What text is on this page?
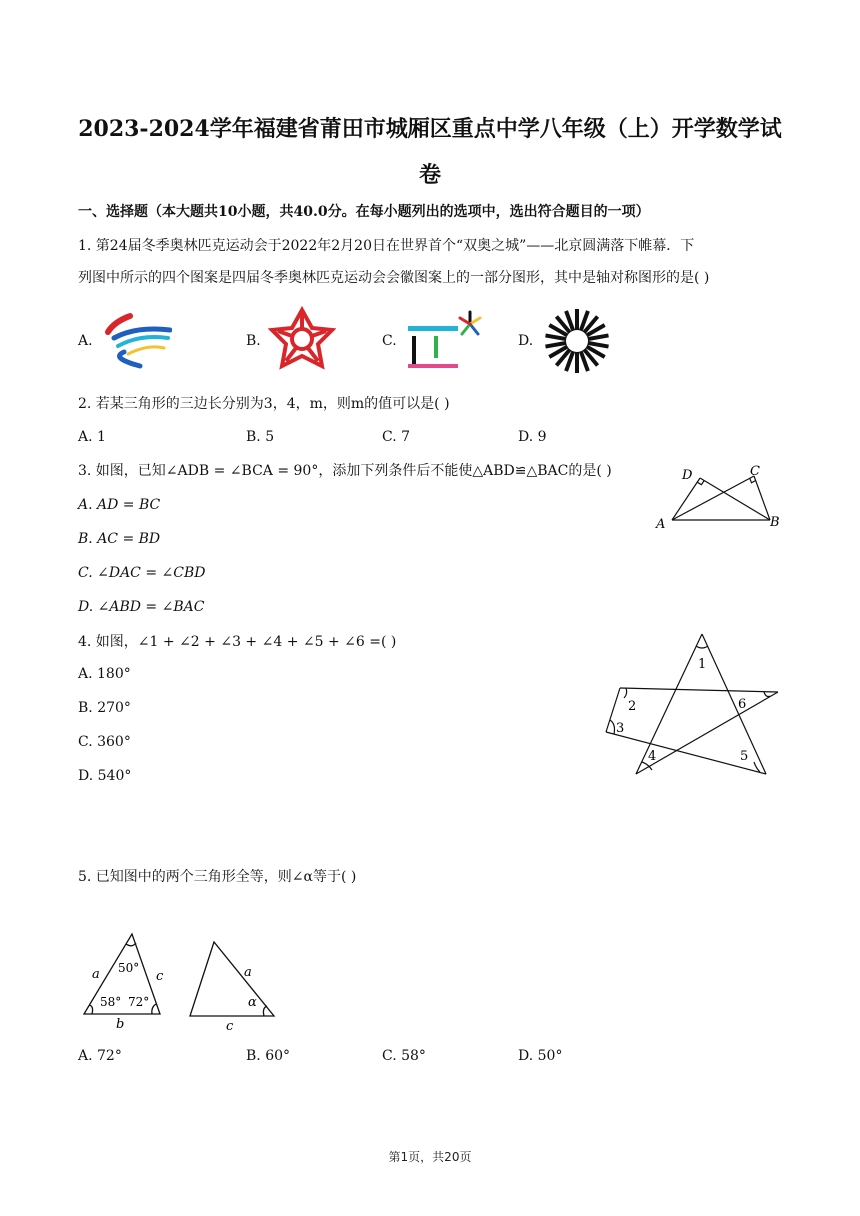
2023-2024学年福建省莆田市城厢区重点中学八年级（上）开学数学试
卷
一、选择题（本大题共10小题，共40.0分。在每小题列出的选项中，选出符合题目的一项）
1. 第24届冬季奥林匹克运动会于2022年2月20日在世界首个“双奥之城”——北京圆满落下帷幕．下
列图中所示的四个图案是四届冬季奥林匹克运动会会徽图案上的一部分图形，其中是轴对称图形的是( )
A.	B.	C.	D.
2. 若某三角形的三边长分别为3，4，m，则m的值可以是( )
A. 1	B. 5	C. 7	D. 9
3. 如图，已知∠ADB = ∠BCA = 90°，添加下列条件后不能使△ABD≌△BAC的是( )
A. AD = BC
B. AC = BD
C. ∠DAC = ∠CBD
D. ∠ABD = ∠BAC
D	C
A	B
4. 如图，∠1 + ∠2 + ∠3 + ∠4 + ∠5 + ∠6 =( )
A. 180°
B. 270°
C. 360°
D. 540°
1
2
3
4	5
6
5. 已知图中的两个三角形全等，则∠α等于( )
a 50°
c
58° 72°
b
a
α
c
A. 72°	B. 60°	C. 58°	D. 50°
第1页，共20页
